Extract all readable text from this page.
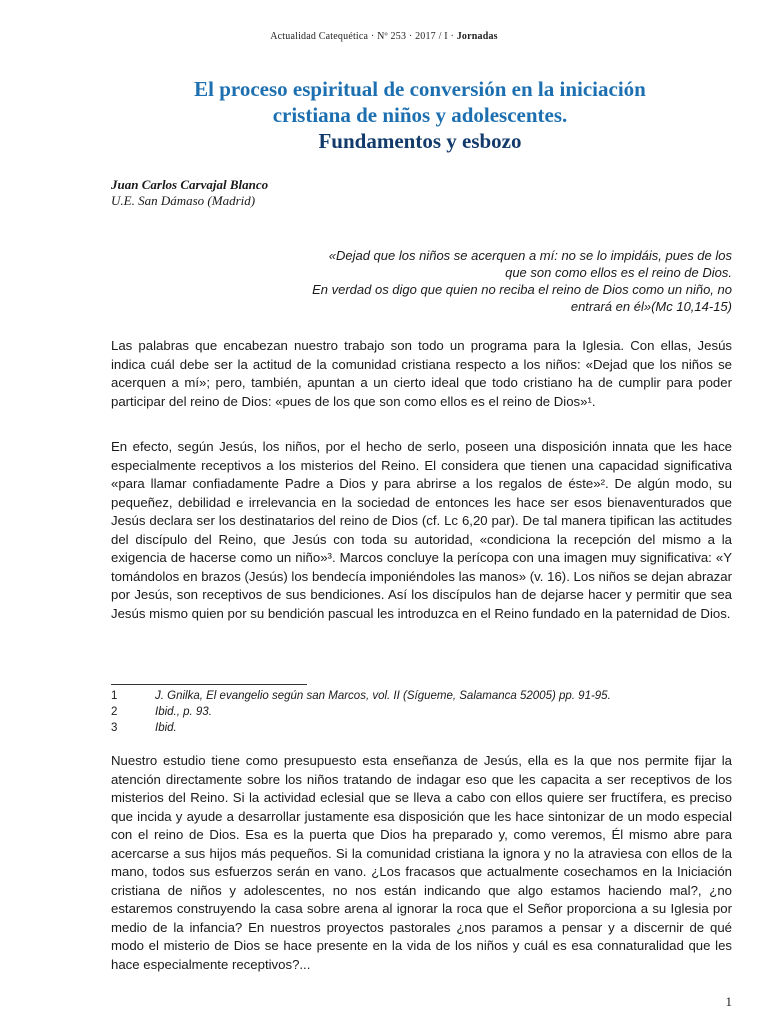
Actualidad Catequética · Nº 253 · 2017 / I · Jornadas
El proceso espiritual de conversión en la iniciación
cristiana de niños y adolescentes.
Fundamentos y esbozo
Juan Carlos Carvajal Blanco
U.E. San Dámaso (Madrid)
«Dejad que los niños se acerquen a mí: no se lo impidáis, pues de los
que son como ellos es el reino de Dios.
En verdad os digo que quien no reciba el reino de Dios como un niño, no
entrará en él»(Mc 10,14-15)
Las palabras que encabezan nuestro trabajo son todo un programa para la Iglesia. Con ellas, Jesús indica cuál debe ser la actitud de la comunidad cristiana respecto a los niños: «Dejad que los niños se acerquen a mí»; pero, también, apuntan a un cierto ideal que todo cristiano ha de cumplir para poder participar del reino de Dios: «pues de los que son como ellos es el reino de Dios»¹.
En efecto, según Jesús, los niños, por el hecho de serlo, poseen una disposición innata que les hace especialmente receptivos a los misterios del Reino. El considera que tienen una capacidad significativa «para llamar confiadamente Padre a Dios y para abrirse a los regalos de éste»². De algún modo, su pequeñez, debilidad e irrelevancia en la sociedad de entonces les hace ser esos bienaventurados que Jesús declara ser los destinatarios del reino de Dios (cf. Lc 6,20 par). De tal manera tipifican las actitudes del discípulo del Reino, que Jesús con toda su autoridad, «condiciona la recepción del mismo a la exigencia de hacerse como un niño»³. Marcos concluye la perícopa con una imagen muy significativa: «Y tomándolos en brazos (Jesús) los bendecía imponiéndoles las manos» (v. 16). Los niños se dejan abrazar por Jesús, son receptivos de sus bendiciones. Así los discípulos han de dejarse hacer y permitir que sea Jesús mismo quien por su bendición pascual les introduzca en el Reino fundado en la paternidad de Dios.
1	J. Gnilka, El evangelio según san Marcos, vol. II (Sígueme, Salamanca 52005) pp. 91-95.
2	Ibid., p. 93.
3	Ibid.
Nuestro estudio tiene como presupuesto esta enseñanza de Jesús, ella es la que nos permite fijar la atención directamente sobre los niños tratando de indagar eso que les capacita a ser receptivos de los misterios del Reino. Si la actividad eclesial que se lleva a cabo con ellos quiere ser fructífera, es preciso que incida y ayude a desarrollar justamente esa disposición que les hace sintonizar de un modo especial con el reino de Dios. Esa es la puerta que Dios ha preparado y, como veremos, Él mismo abre para acercarse a sus hijos más pequeños. Si la comunidad cristiana la ignora y no la atraviesa con ellos de la mano, todos sus esfuerzos serán en vano. ¿Los fracasos que actualmente cosechamos en la Iniciación cristiana de niños y adolescentes, no nos están indicando que algo estamos haciendo mal?, ¿no estaremos construyendo la casa sobre arena al ignorar la roca que el Señor proporciona a su Iglesia por medio de la infancia? En nuestros proyectos pastorales ¿nos paramos a pensar y a discernir de qué modo el misterio de Dios se hace presente en la vida de los niños y cuál es esa connaturalidad que les hace especialmente receptivos?...
1
